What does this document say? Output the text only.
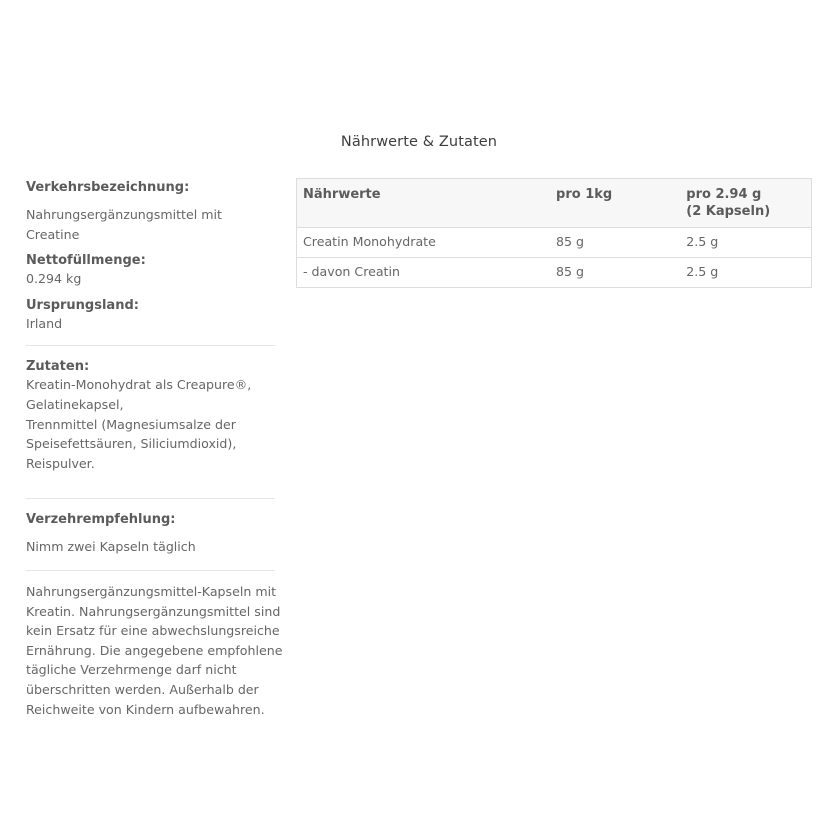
Nährwerte & Zutaten
Verkehrsbezeichnung:
Nahrungsergänzungsmittel mit Creatine
Nettofüllmenge:
0.294 kg
Ursprungsland:
Irland
Zutaten:
Kreatin-Monohydrat als Creapure®,
Gelatinekapsel,
Trennmittel (Magnesiumsalze der
Speisefettsäuren, Siliciumdioxid),
Reispulver.
Verzehrempfehlung:
Nimm zwei Kapseln täglich
Nahrungsergänzungsmittel-Kapseln mit
Kreatin. Nahrungsergänzungsmittel sind
kein Ersatz für eine abwechslungsreiche
Ernährung. Die angegebene empfohlene
tägliche Verzehrmenge darf nicht
überschritten werden. Außerhalb der
Reichweite von Kindern aufbewahren.
Nährwerte	pro 1kg	pro 2.94 g
(2 Kapseln)

Creatin Monohydrate	85 g	2.5 g
- davon Creatin	85 g	2.5 g
